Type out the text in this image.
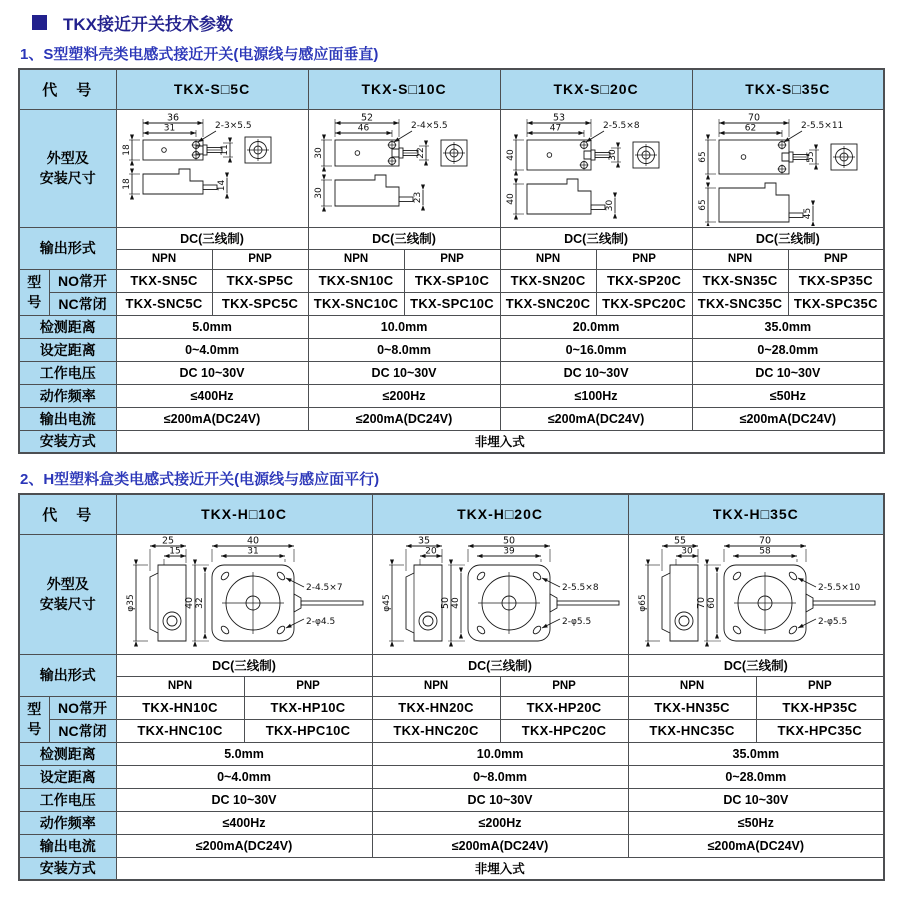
TKX接近开关技术参数
1、S型塑料壳类电感式接近开关(电源线与感应面垂直)
代　号		TKX-S□5C		TKX-S□10C		TKX-S□20C		TKX-S□35C	

外型及
安装尺寸

36
31	2-3×5.5
18	11
18	14

52
46	2-4×5.5
30	22
30	23

53
47	2-5.5×8
40	30
40
30

70
62	2-5.5×11
65	55
65
45

输出形式		DC(三线制)		DC(三线制)		DC(三线制)		DC(三线制)	
		NPN	PNP	NPN	PNP	NPN	PNP	NPN	PNP

型
号	NO常开	TKX-SN5C	TKX-SP5C	TKX-SN10C	TKX-SP10C	TKX-SN20C	TKX-SP20C	TKX-SN35C	TKX-SP35C
	NC常闭	TKX-SNC5C	TKX-SPC5C	TKX-SNC10C	TKX-SPC10C	TKX-SNC20C	TKX-SPC20C	TKX-SNC35C	TKX-SPC35C
检测距离		5.0mm		10.0mm		20.0mm		35.0mm	
设定距离		0~4.0mm		0~8.0mm		0~16.0mm		0~28.0mm	
工作电压		DC 10~30V		DC 10~30V		DC 10~30V		DC 10~30V	
动作频率		≤400Hz		≤200Hz		≤100Hz		≤50Hz	
输出电流		≤200mA(DC24V)		≤200mA(DC24V)		≤200mA(DC24V)		≤200mA(DC24V)	
安装方式		非埋入式							
2、H型塑料盒类电感式接近开关(电源线与感应面平行)
代　号		TKX-H□10C		TKX-H□20C		TKX-H□35C	

外型及
安装尺寸

25
15
φ35
40
31
40 32
2-4.5×7
2-φ4.5

35
20
φ45
50
39
50 40
2-5.5×8
2-φ5.5

55
30
φ65
70
58
70 60
2-5.5×10
2-φ5.5

输出形式		DC(三线制)		DC(三线制)		DC(三线制)	
		NPN	PNP	NPN	PNP	NPN	PNP

型
号	NO常开	TKX-HN10C	TKX-HP10C	TKX-HN20C	TKX-HP20C	TKX-HN35C	TKX-HP35C
	NC常闭	TKX-HNC10C	TKX-HPC10C	TKX-HNC20C	TKX-HPC20C	TKX-HNC35C	TKX-HPC35C
检测距离		5.0mm		10.0mm		35.0mm	
设定距离		0~4.0mm		0~8.0mm		0~28.0mm	
工作电压		DC 10~30V		DC 10~30V		DC 10~30V	
动作频率		≤400Hz		≤200Hz		≤50Hz	
输出电流		≤200mA(DC24V)		≤200mA(DC24V)		≤200mA(DC24V)	
安装方式		非埋入式					
